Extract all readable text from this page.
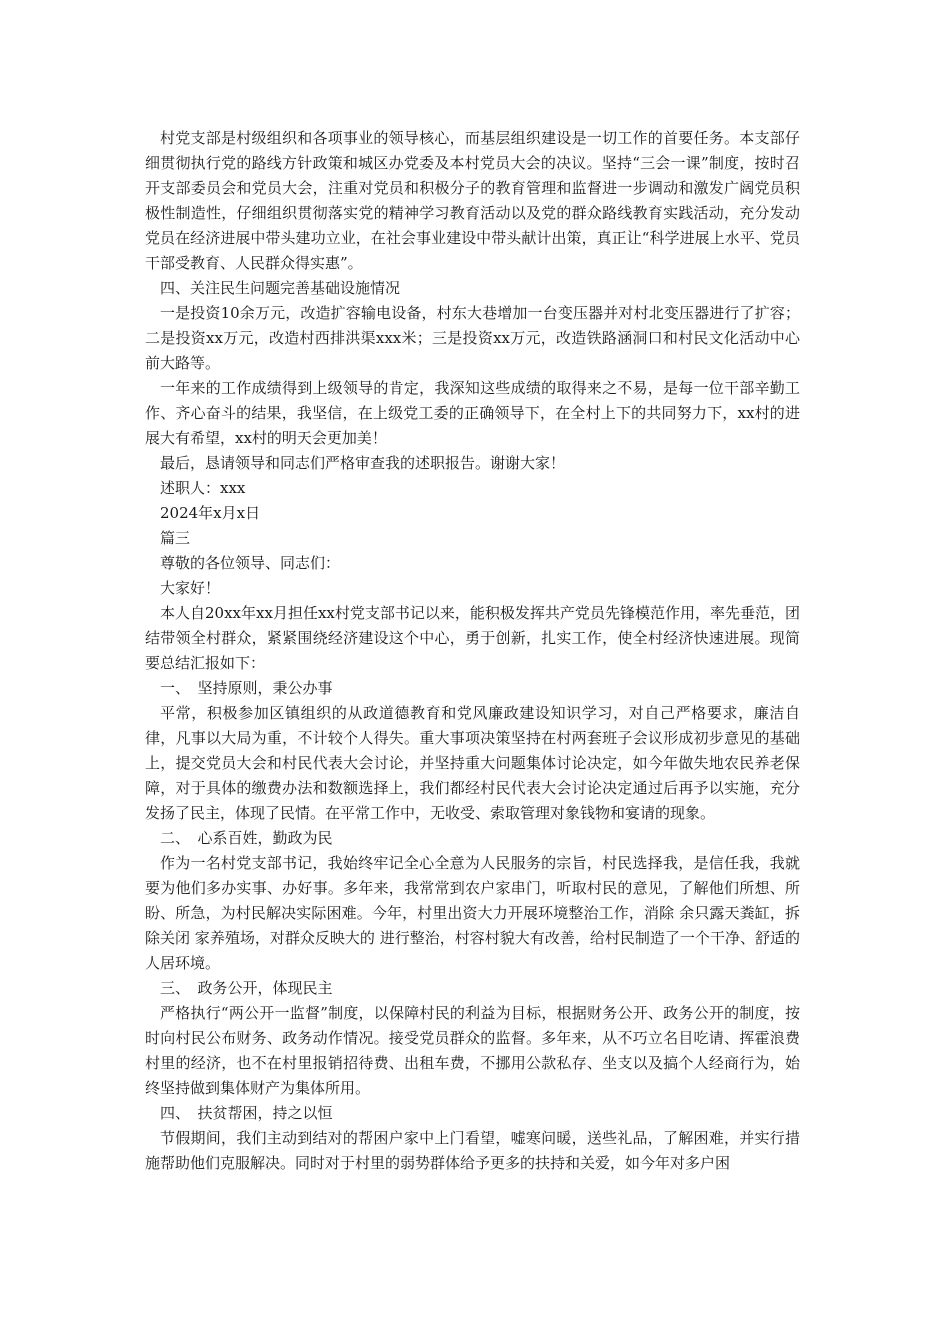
村党支部是村级组织和各项事业的领导核心，而基层组织建设是一切工作的首要任务。本支部仔细贯彻执行党的路线方针政策和城区办党委及本村党员大会的决议。坚持“三会一课”制度，按时召开支部委员会和党员大会，注重对党员和积极分子的教育管理和监督进一步调动和激发广阔党员积极性制造性，仔细组织贯彻落实党的精神学习教育活动以及党的群众路线教育实践活动，充分发动党员在经济进展中带头建功立业，在社会事业建设中带头献计出策，真正让“科学进展上水平、党员干部受教育、人民群众得实惠”。

四、关注民生问题完善基础设施情况

一是投资10余万元，改造扩容输电设备，村东大巷增加一台变压器并对村北变压器进行了扩容；二是投资xx万元，改造村西排洪渠xxx米；三是投资xx万元，改造铁路涵洞口和村民文化活动中心前大路等。

一年来的工作成绩得到上级领导的肯定，我深知这些成绩的取得来之不易，是每一位干部辛勤工作、齐心奋斗的结果，我坚信，在上级党工委的正确领导下，在全村上下的共同努力下，xx村的进展大有希望，xx村的明天会更加美！

最后，恳请领导和同志们严格审查我的述职报告。谢谢大家！

述职人：xxx

2024年x月x日

篇三

尊敬的各位领导、同志们：

大家好！

本人自20xx年xx月担任xx村党支部书记以来，能积极发挥共产党员先锋模范作用，率先垂范，团结带领全村群众，紧紧围绕经济建设这个中心，勇于创新，扎实工作，使全村经济快速进展。现简要总结汇报如下：

一、　坚持原则，秉公办事

平常，积极参加区镇组织的从政道德教育和党风廉政建设知识学习，对自己严格要求，廉洁自律，凡事以大局为重，不计较个人得失。重大事项决策坚持在村两套班子会议形成初步意见的基础上，提交党员大会和村民代表大会讨论，并坚持重大问题集体讨论决定，如今年做失地农民养老保障，对于具体的缴费办法和数额选择上，我们都经村民代表大会讨论决定通过后再予以实施，充分发扬了民主，体现了民情。在平常工作中，无收受、索取管理对象钱物和宴请的现象。

二、　心系百姓，勤政为民

作为一名村党支部书记，我始终牢记全心全意为人民服务的宗旨，村民选择我，是信任我，我就要为他们多办实事、办好事。多年来，我常常到农户家串门，听取村民的意见，了解他们所想、所盼、所急，为村民解决实际困难。今年，村里出资大力开展环境整治工作，消除 余只露天粪缸，拆除关闭 家养殖场，对群众反映大的 进行整治，村容村貌大有改善，给村民制造了一个干净、舒适的人居环境。

三、　政务公开，体现民主

严格执行“两公开一监督”制度，以保障村民的利益为目标，根据财务公开、政务公开的制度，按时向村民公布财务、政务动作情况。接受党员群众的监督。多年来，从不巧立名目吃请、挥霍浪费村里的经济，也不在村里报销招待费、出租车费，不挪用公款私存、坐支以及搞个人经商行为，始终坚持做到集体财产为集体所用。

四、　扶贫帮困，持之以恒

节假期间，我们主动到结对的帮困户家中上门看望，嘘寒问暖，送些礼品，了解困难，并实行措施帮助他们克服解决。同时对于村里的弱势群体给予更多的扶持和关爱，如今年对多户困
